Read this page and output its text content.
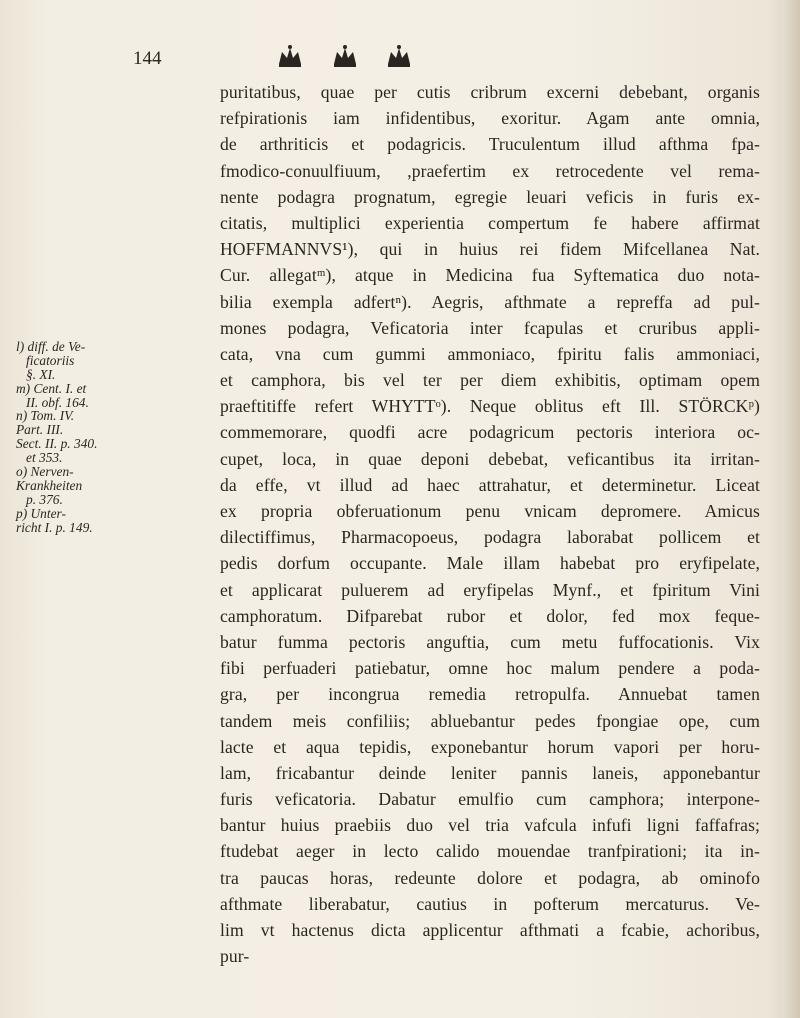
144
puritatibus, quae per cutis cribrum excerni debebant, organis
refpirationis iam infidentibus, exoritur. Agam ante omnia,
de arthriticis et podagricis. Truculentum illud afthma fpa-
fmodico-conuulfiuum, ,praefertim ex retrocedente vel rema-
nente podagra prognatum, egregie leuari veficis in furis ex-
citatis, multiplici experientia compertum fe habere affirmat
HOFFMANNVS¹), qui in huius rei fidem Mifcellanea Nat.
Cur. allegatᵐ), atque in Medicina fua Syftematica duo nota-
bilia exempla adfertⁿ). Aegris, afthmate a repreffa ad pul-
mones podagra, Veficatoria inter fcapulas et cruribus appli-
cata, vna cum gummi ammoniaco, fpiritu falis ammoniaci,
et camphora, bis vel ter per diem exhibitis, optimam opem
praeftitiffe refert WHYTTᵒ). Neque oblitus eft Ill. STÖRCKᵖ)
commemorare, quodfi acre podagricum pectoris interiora oc-
cupet, loca, in quae deponi debebat, veficantibus ita irritan-
da effe, vt illud ad haec attrahatur, et determinetur. Liceat
ex propria obferuationum penu vnicam depromere. Amicus
dilectiffimus, Pharmacopoeus, podagra laborabat pollicem et
pedis dorfum occupante. Male illam habebat pro eryfipelate,
et applicarat puluerem ad eryfipelas Mynf., et fpiritum Vini
camphoratum. Difparebat rubor et dolor, fed mox feque-
batur fumma pectoris anguftia, cum metu fuffocationis. Vix
fibi perfuaderi patiebatur, omne hoc malum pendere a poda-
gra, per incongrua remedia retropulfa. Annuebat tamen
tandem meis confiliis; abluebantur pedes fpongiae ope, cum
lacte et aqua tepidis, exponebantur horum vapori per horu-
lam, fricabantur deinde leniter pannis laneis, apponebantur
furis veficatoria. Dabatur emulfio cum camphora; interpone-
bantur huius praebiis duo vel tria vafcula infufi ligni faffafras;
ftudebat aeger in lecto calido mouendae tranfpirationi; ita in-
tra paucas horas, redeunte dolore et podagra, ab ominofo
afthmate liberabatur, cautius in pofterum mercaturus. Ve-
lim vt hactenus dicta applicentur afthmati a fcabie, achoribus,
pur-
l) diff. de Ve-
ficatoriis
§. XI.
m) Cent. I. et
II. obf. 164.
n) Tom. IV.
Part. III.
Sect. II. p. 340.
et 353.
o) Nerven-
Krankheiten
p. 376.
p) Unter-
richt I. p. 149.
